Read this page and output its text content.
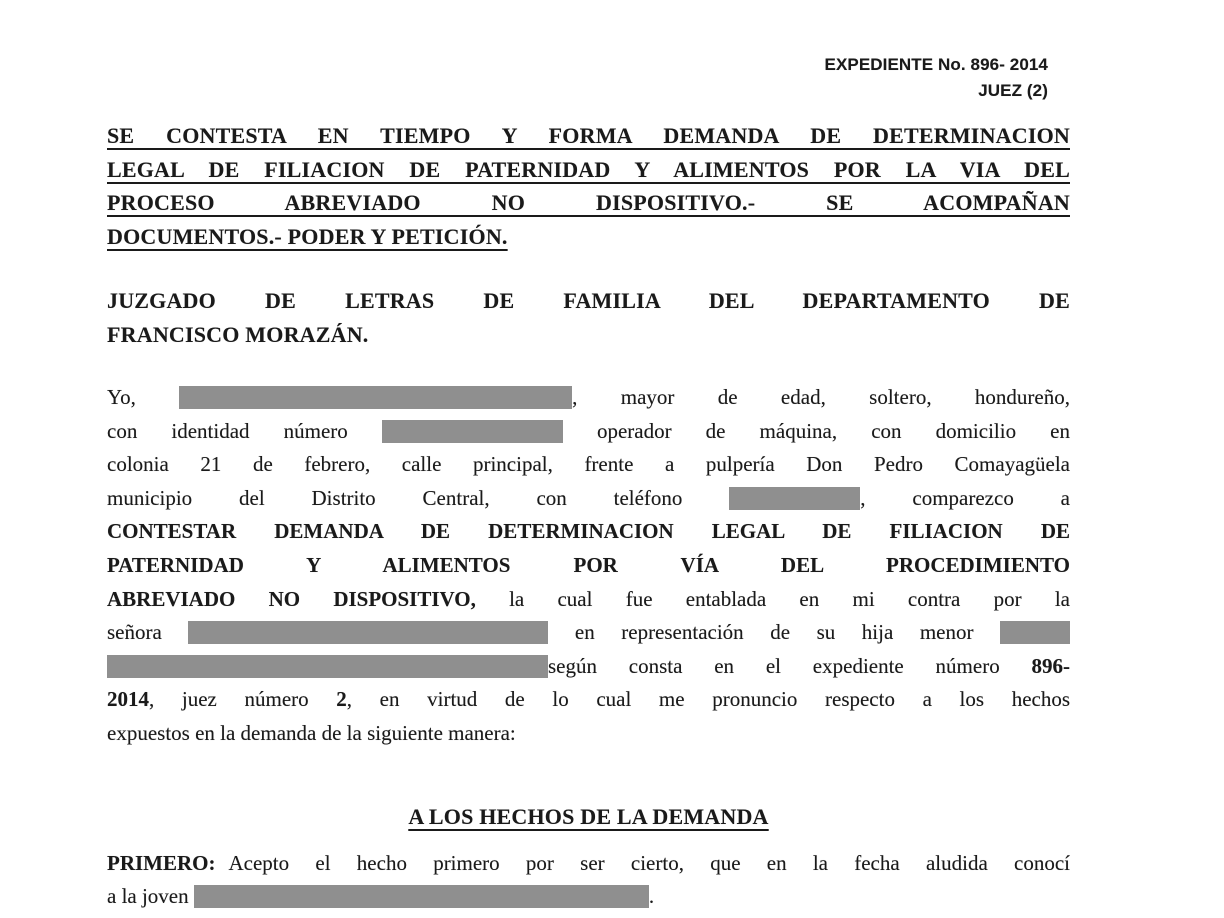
EXPEDIENTE No. 896- 2014
JUEZ (2)
SE CONTESTA EN TIEMPO Y FORMA DEMANDA DE DETERMINACION
LEGAL DE FILIACION DE PATERNIDAD Y ALIMENTOS POR LA VIA DEL
PROCESO ABREVIADO NO DISPOSITIVO.- SE ACOMPAÑAN
DOCUMENTOS.- PODER Y PETICIÓN.
JUZGADO DE LETRAS DE FAMILIA DEL DEPARTAMENTO DE
FRANCISCO MORAZÁN.
Yo,	, mayor de edad, soltero, hondureño,
con identidad número	operador de máquina, con domicilio en
colonia 21 de febrero, calle principal, frente a pulpería Don Pedro Comayagüela
municipio del Distrito Central, con teléfono	, comparezco a
CONTESTAR DEMANDA DE DETERMINACION LEGAL DE FILIACION DE
PATERNIDAD Y ALIMENTOS POR VÍA DEL PROCEDIMIENTO
ABREVIADO NO DISPOSITIVO, la cual fue entablada en mi contra por la
señora	en representación de su hija menor
según consta en el expediente número 896-
2014, juez número 2, en virtud de lo cual me pronuncio respecto a los hechos
expuestos en la demanda de la siguiente manera:
A LOS HECHOS DE LA DEMANDA
PRIMERO: Acepto el hecho primero por ser cierto, que en la fecha aludida conocí
a la joven	.
